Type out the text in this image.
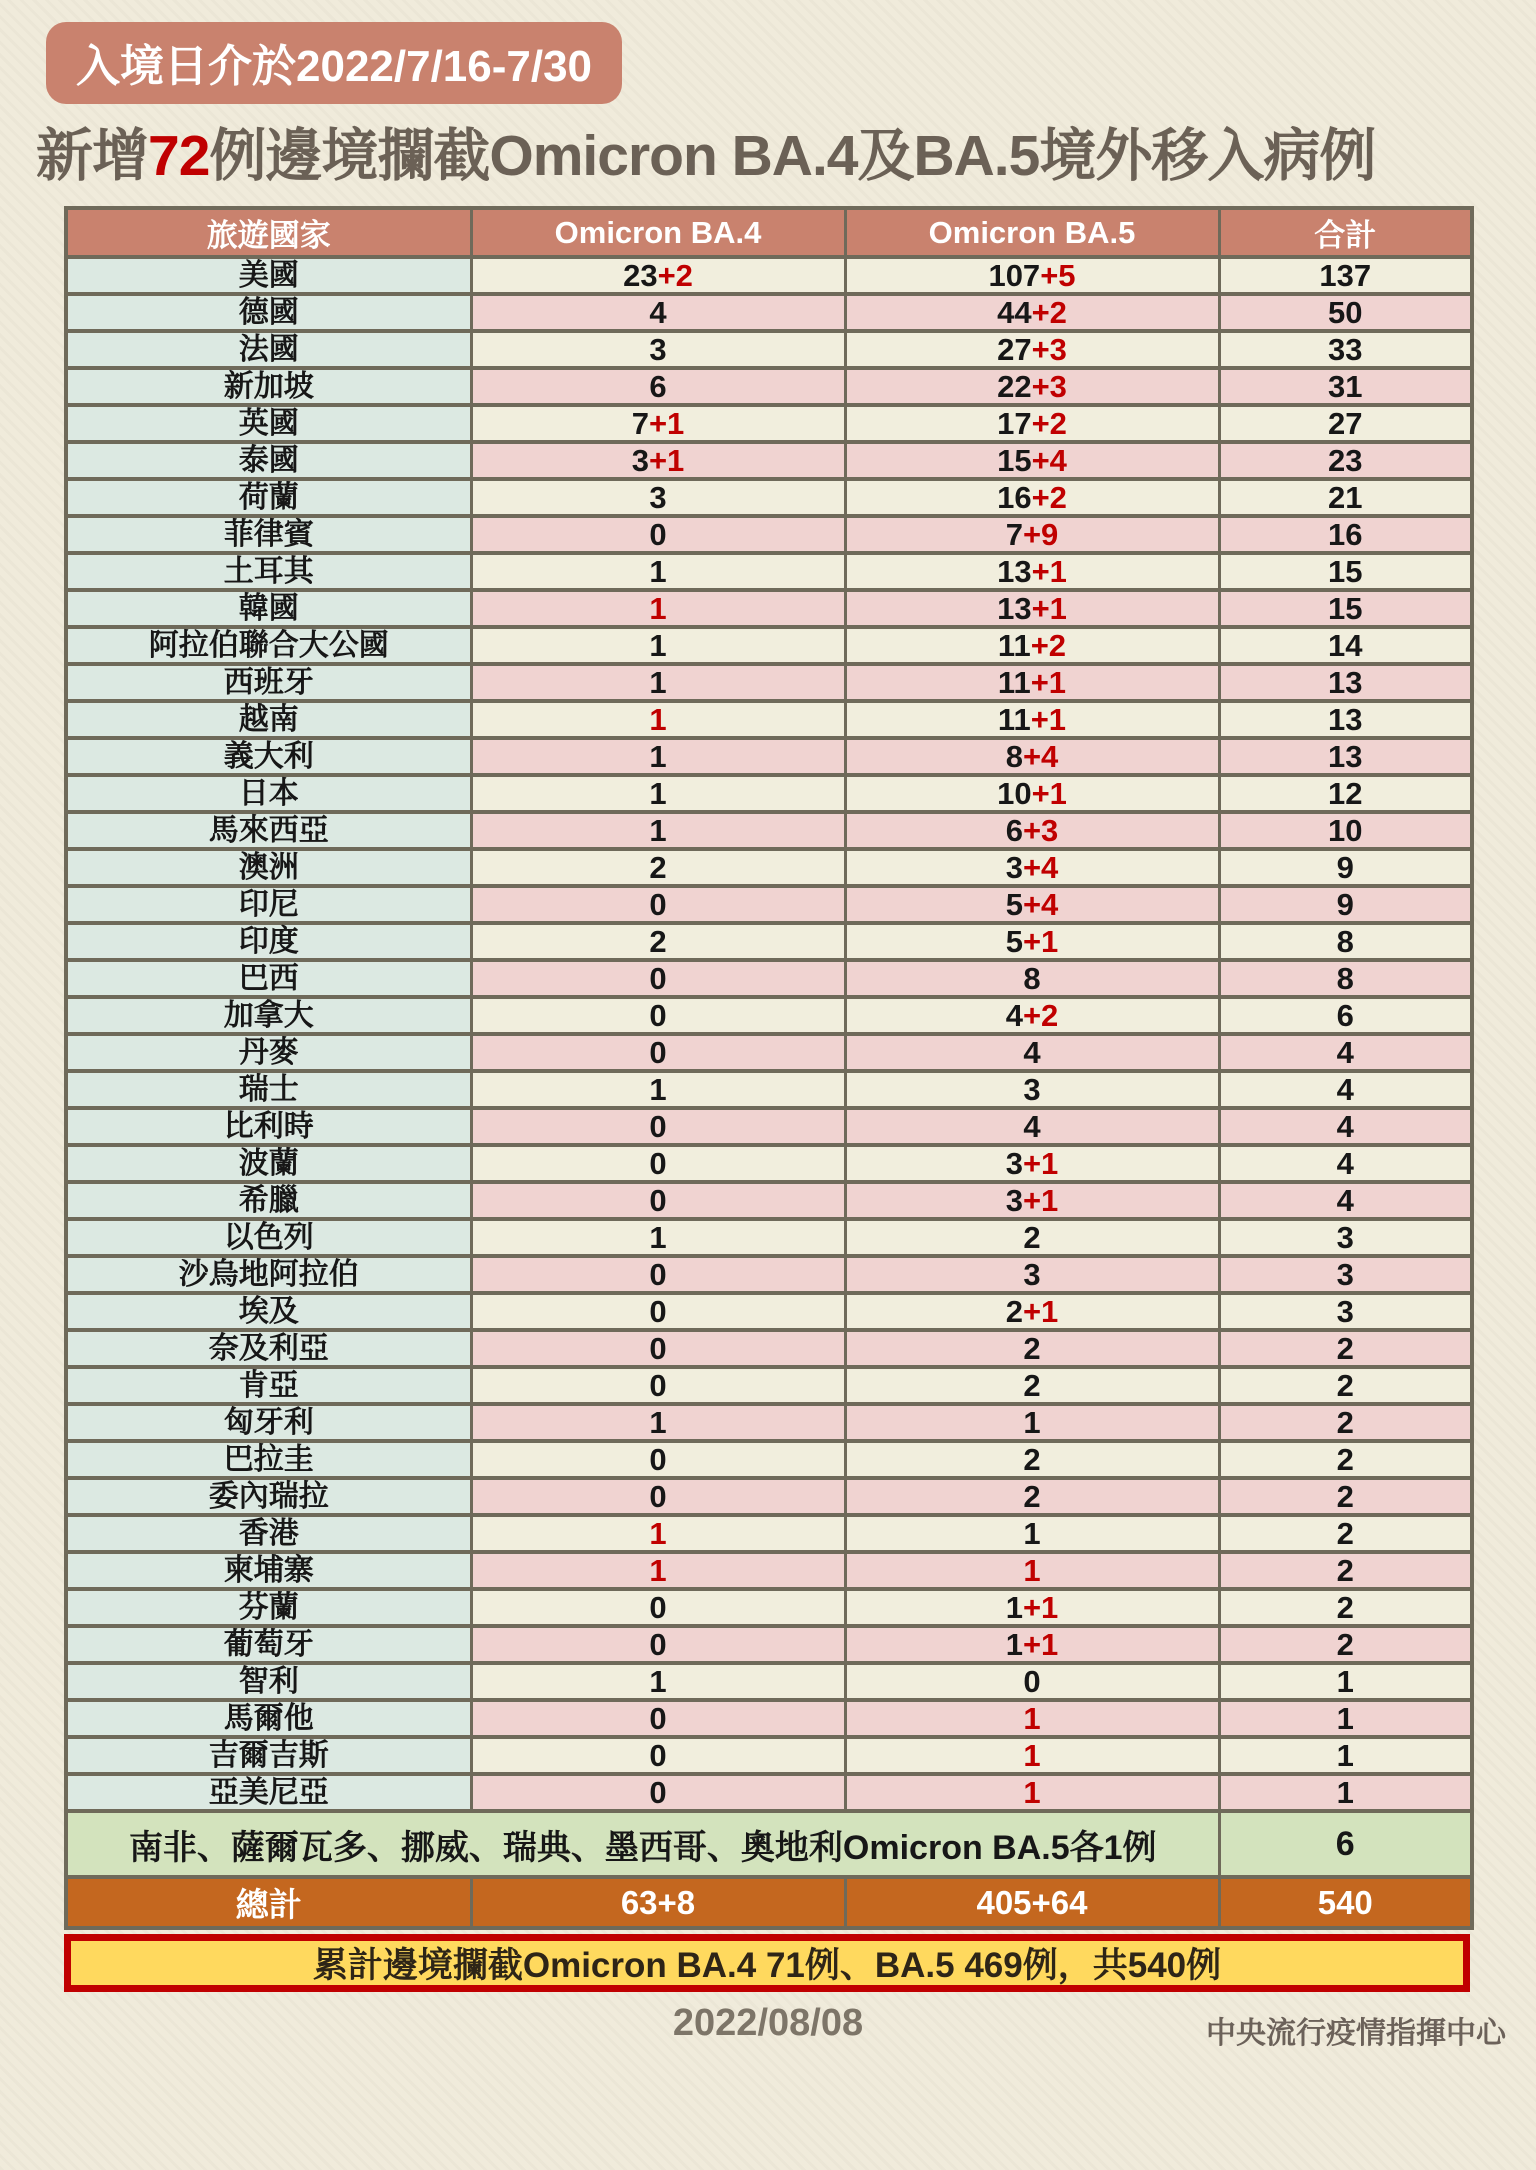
入境日介於2022/7/16-7/30
新增72例邊境攔截Omicron BA.4及BA.5境外移入病例
旅遊國家	Omicron BA.4	Omicron BA.5	合計
美國	23+2	107+5	137
德國	4	44+2	50
法國	3	27+3	33
新加坡	6	22+3	31
英國	7+1	17+2	27
泰國	3+1	15+4	23
荷蘭	3	16+2	21
菲律賓	0	7+9	16
土耳其	1	13+1	15
韓國	1	13+1	15
阿拉伯聯合大公國	1	11+2	14
西班牙	1	11+1	13
越南	1	11+1	13
義大利	1	8+4	13
日本	1	10+1	12
馬來西亞	1	6+3	10
澳洲	2	3+4	9
印尼	0	5+4	9
印度	2	5+1	8
巴西	0	8	8
加拿大	0	4+2	6
丹麥	0	4	4
瑞士	1	3	4
比利時	0	4	4
波蘭	0	3+1	4
希臘	0	3+1	4
以色列	1	2	3
沙烏地阿拉伯	0	3	3
埃及	0	2+1	3
奈及利亞	0	2	2
肯亞	0	2	2
匈牙利	1	1	2
巴拉圭	0	2	2
委內瑞拉	0	2	2
香港	1	1	2
柬埔寨	1	1	2
芬蘭	0	1+1	2
葡萄牙	0	1+1	2
智利	1	0	1
馬爾他	0	1	1
吉爾吉斯	0	1	1
亞美尼亞	0	1	1
南非、薩爾瓦多、挪威、瑞典、墨西哥、奧地利Omicron BA.5各1例			6
總計	63+8	405+64	540
累計邊境攔截Omicron BA.4 71例、BA.5 469例，共540例
2022/08/08	中央流行疫情指揮中心
